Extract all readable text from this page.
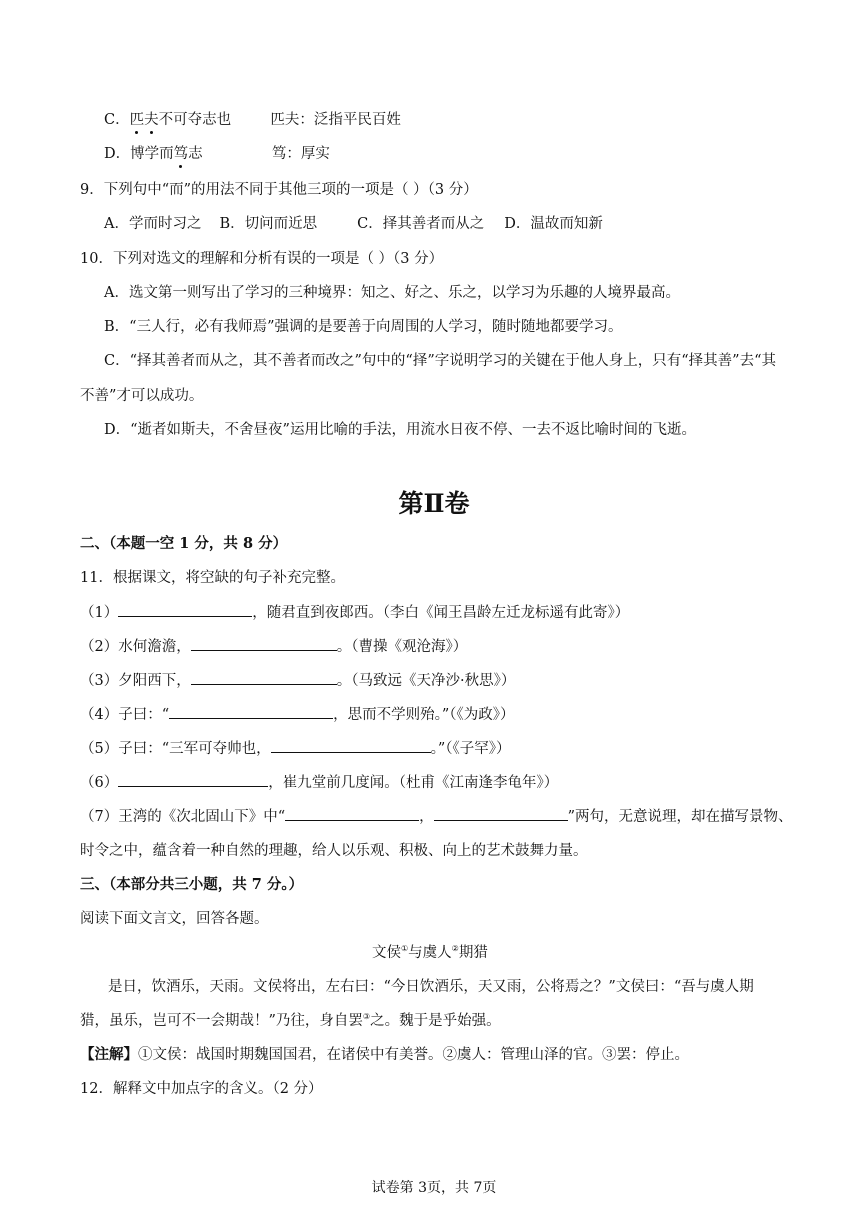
C．匹夫不可夺志也	匹夫：泛指平民百姓
D．博学而笃志	笃：厚实
9．下列句中“而”的用法不同于其他三项的一项是（ ）（3 分）
A．学而时习之 B．切问而近思	C．择其善者而从之 D．温故而知新
10．下列对选文的理解和分析有误的一项是（ ）（3 分）
A．选文第一则写出了学习的三种境界：知之、好之、乐之，以学习为乐趣的人境界最高。
B．“三人行，必有我师焉”强调的是要善于向周围的人学习，随时随地都要学习。
C．“择其善者而从之，其不善者而改之”句中的“择”字说明学习的关键在于他人身上，只有“择其善”去“其
不善”才可以成功。
D．“逝者如斯夫，不舍昼夜”运用比喻的手法，用流水日夜不停、一去不返比喻时间的飞逝。
第Ⅱ卷
二、（本题一空 1 分，共 8 分）
11．根据课文，将空缺的句子补充完整。
（1）	，随君直到夜郎西。（李白《闻王昌龄左迁龙标遥有此寄》）
（2）水何澹澹，	。（曹操《观沧海》）
（3）夕阳西下，	。（马致远《天净沙·秋思》）
（4）子曰：“	，思而不学则殆。”（《为政》）
（5）子曰：“三军可夺帅也，	。”（《子罕》）
（6）	，崔九堂前几度闻。（杜甫《江南逢李龟年》）
（7）王湾的《次北固山下》中“	，	”两句，无意说理，却在描写景物、
时令之中，蕴含着一种自然的理趣，给人以乐观、积极、向上的艺术鼓舞力量。
三、（本部分共三小题，共 7 分。）
阅读下面文言文，回答各题。
文侯①与虞人②期猎
是日，饮酒乐，天雨。文侯将出，左右曰：“今日饮酒乐，天又雨，公将焉之？”文侯曰：“吾与虞人期
猎，虽乐，岂可不一会期哉！”乃往，身自罢③之。魏于是乎始强。
【注解】①文侯：战国时期魏国国君，在诸侯中有美誉。②虞人：管理山泽的官。③罢：停止。
12．解释文中加点字的含义。（2 分）
试卷第 3页，共 7页
